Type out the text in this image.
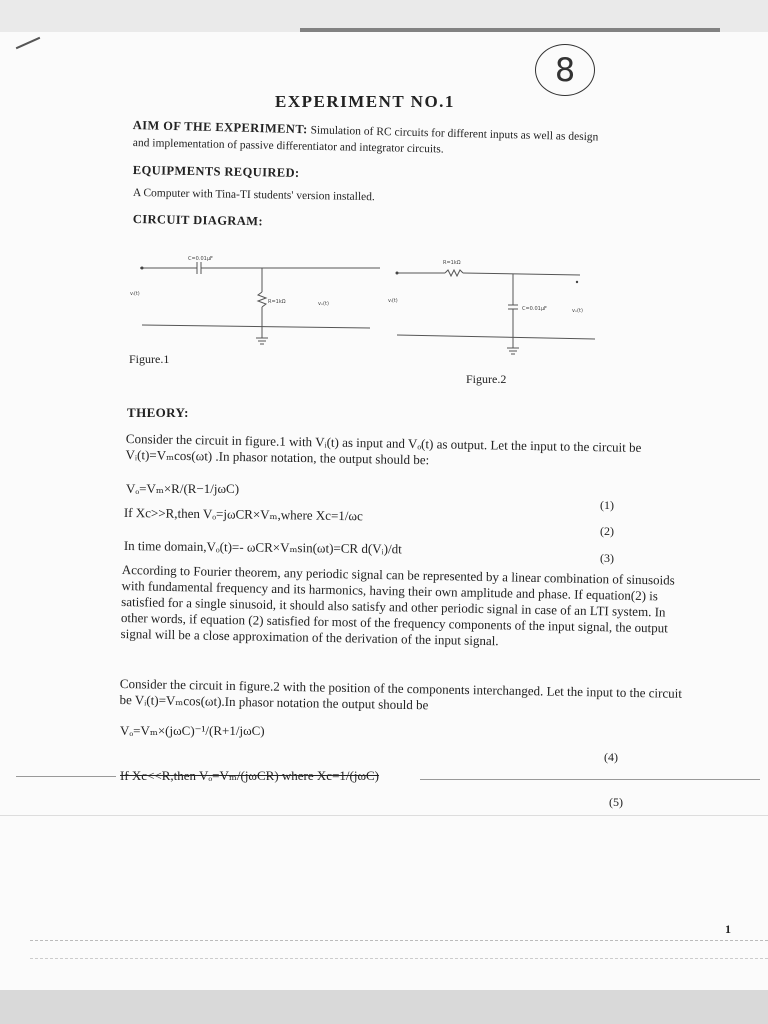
8
EXPERIMENT NO.1
AIM OF THE EXPERIMENT: Simulation of RC circuits for different inputs as well as design
and implementation of passive differentiator and integrator circuits.
EQUIPMENTS REQUIRED:
A Computer with Tina-TI students' version installed.
CIRCUIT DIAGRAM:
C=0.01μF
R=1kΩ
vᵢ(t)
vₒ(t)
Figure.1
R=1kΩ
C=0.01μF
vᵢ(t)
vₒ(t)
Figure.2
THEORY:
Consider the circuit in figure.1 with Vᵢ(t) as input and Vₒ(t) as output. Let the input to the circuit be Vᵢ(t)=Vₘcos(ωt) .In phasor notation, the output should be:
Vₒ=Vₘ×R/(R−1/jωC)
(1)
If Xc>>R,then Vₒ=jωCR×Vₘ,where Xc=1/ωc
(2)
In time domain,Vₒ(t)=- ωCR×Vₘsin(ωt)=CR d(Vᵢ)/dt
(3)
According to Fourier theorem, any periodic signal can be represented by a linear combination of sinusoids with fundamental frequency and its harmonics, having their own amplitude and phase. If equation(2) is satisfied for a single sinusoid, it should also satisfy and other periodic signal in case of an LTI system. In other words, if equation (2) satisfied for most of the frequency components of the input signal, the output signal will be a close approximation of the derivation of the input signal.
Consider the circuit in figure.2 with the position of the components interchanged. Let the input to the circuit be Vᵢ(t)=Vₘcos(ωt).In phasor notation the output should be
Vₒ=Vₘ×(jωC)⁻¹/(R+1/jωC)
(4)
If Xc<<R,then Vₒ=Vₘ/(jωCR) where Xc=1/(jωC)
(5)
1
